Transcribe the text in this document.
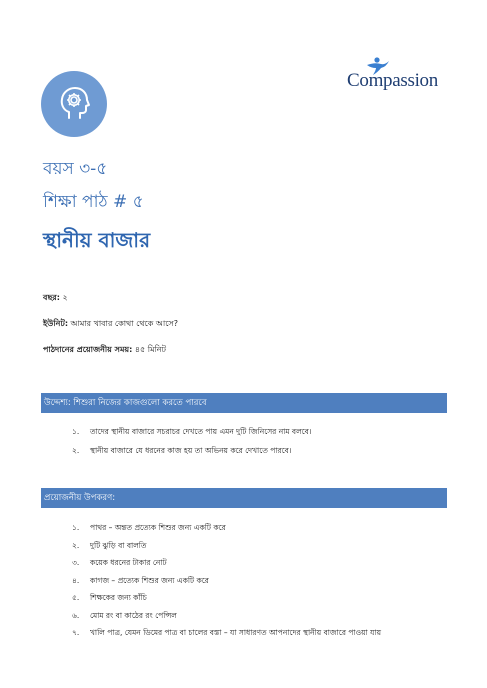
Compassion
বয়স ৩-৫
শিক্ষা পাঠ # ৫
স্থানীয় বাজার
বছর: ২
ইউনিট: আমার খাবার কোথা থেকে আসে?
পাঠদানের প্রয়োজনীয় সময়: ৪৫ মিনিট
উদ্দেশ্য: শিশুরা নিজের কাজগুলো করতে পারবে
১. তাদের স্থানীয় বাজারে সচরাচর দেখতে পায় এমন দুটি জিনিসের নাম বলবে।
২. স্থানীয় বাজারে যে ধরনের কাজ হয় তা অভিনয় করে দেখাতে পারবে।
প্রয়োজনীয় উপকরণ:
১. পাথর – অন্তত প্রত্যেক শিশুর জন্য একটি করে
২. দুটি ঝুড়ি বা বালতি
৩. কয়েক ধরনের টাকার নোট
৪. কাগজ – প্রত্যেক শিশুর জন্য একটি করে
৫. শিক্ষকের জন্য কাঁচি
৬. মোম রং বা কাঠের রং পেন্সিল
৭. খালি পাত্র, যেমন ডিমের পাত্র বা চালের বস্তা – যা সাধারণত আপনাদের স্থানীয় বাজারে পাওয়া যায়
